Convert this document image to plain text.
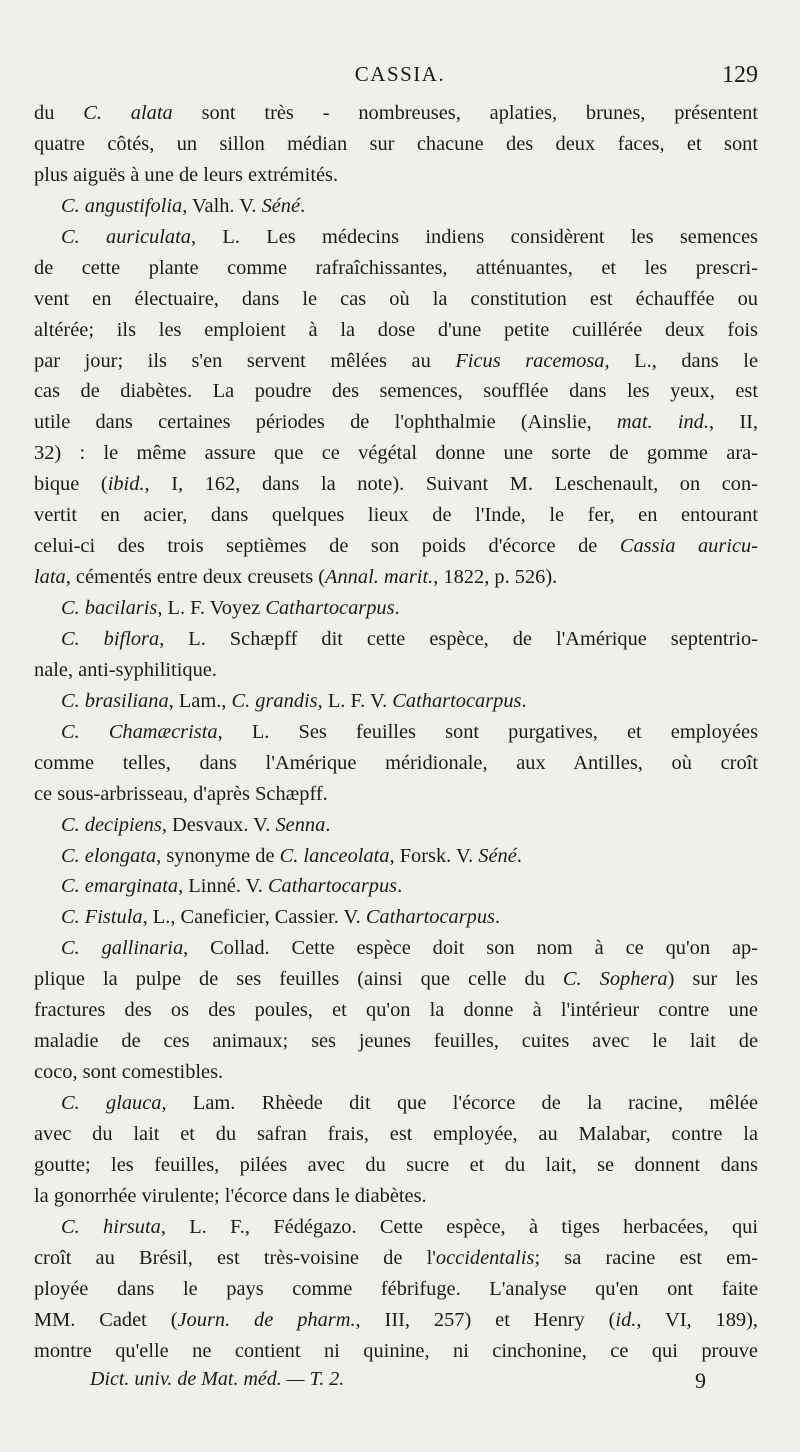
CASSIA.	129
du C. alata sont très - nombreuses, aplaties, brunes, présentent
quatre côtés, un sillon médian sur chacune des deux faces, et sont
plus aiguës à une de leurs extrémités.
C. angustifolia, Valh. V. Séné.
C. auriculata, L. Les médecins indiens considèrent les semences
de cette plante comme rafraîchissantes, atténuantes, et les prescri-
vent en électuaire, dans le cas où la constitution est échauffée ou
altérée; ils les emploient à la dose d'une petite cuillérée deux fois
par jour; ils s'en servent mêlées au Ficus racemosa, L., dans le
cas de diabètes. La poudre des semences, soufflée dans les yeux, est
utile dans certaines périodes de l'ophthalmie (Ainslie, mat. ind., II,
32) : le même assure que ce végétal donne une sorte de gomme ara-
bique (ibid., I, 162, dans la note). Suivant M. Leschenault, on con-
vertit en acier, dans quelques lieux de l'Inde, le fer, en entourant
celui-ci des trois septièmes de son poids d'écorce de Cassia auricu-
lata, cémentés entre deux creusets (Annal. marit., 1822, p. 526).
C. bacilaris, L. F. Voyez Cathartocarpus.
C. biflora, L. Schæpff dit cette espèce, de l'Amérique septentrio-
nale, anti-syphilitique.
C. brasiliana, Lam., C. grandis, L. F. V. Cathartocarpus.
C. Chamæcrista, L. Ses feuilles sont purgatives, et employées
comme telles, dans l'Amérique méridionale, aux Antilles, où croît
ce sous-arbrisseau, d'après Schæpff.
C. decipiens, Desvaux. V. Senna.
C. elongata, synonyme de C. lanceolata, Forsk. V. Séné.
C. emarginata, Linné. V. Cathartocarpus.
C. Fistula, L., Caneficier, Cassier. V. Cathartocarpus.
C. gallinaria, Collad. Cette espèce doit son nom à ce qu'on ap-
plique la pulpe de ses feuilles (ainsi que celle du C. Sophera) sur les
fractures des os des poules, et qu'on la donne à l'intérieur contre une
maladie de ces animaux; ses jeunes feuilles, cuites avec le lait de
coco, sont comestibles.
C. glauca, Lam. Rhèede dit que l'écorce de la racine, mêlée
avec du lait et du safran frais, est employée, au Malabar, contre la
goutte; les feuilles, pilées avec du sucre et du lait, se donnent dans
la gonorrhée virulente; l'écorce dans le diabètes.
C. hirsuta, L. F., Fédégazo. Cette espèce, à tiges herbacées, qui
croît au Brésil, est très-voisine de l'occidentalis; sa racine est em-
ployée dans le pays comme fébrifuge. L'analyse qu'en ont faite
MM. Cadet (Journ. de pharm., III, 257) et Henry (id., VI, 189),
montre qu'elle ne contient ni quinine, ni cinchonine, ce qui prouve
Dict. univ. de Mat. méd. — T. 2.	9
